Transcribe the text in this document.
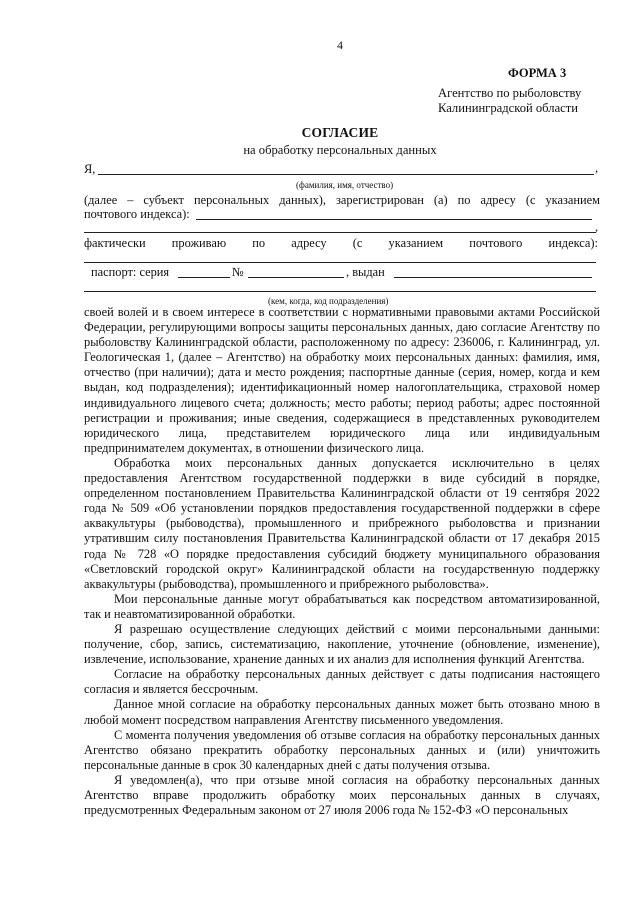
4
ФОРМА 3
Агентство по рыболовству
Калининградской области
СОГЛАСИЕ
на обработку персональных данных
Я,	,
(фамилия, имя, отчество)
(далее – субъект персональных данных), зарегистрирован (а) по адресу (с указанием
почтового индекса):
,
фактически проживаю по адресу (с указанием почтового индекса):
паспорт: серия	№	, выдан
(кем, когда, код подразделения)

своей волей и в своем интересе в соответствии с нормативными правовыми актами Российской Федерации, регулирующими вопросы защиты персональных данных, даю согласие Агентству по рыболовству Калининградской области, расположенному по адресу: 236006, г. Калининград, ул. Геологическая 1, (далее – Агентство) на обработку моих персональных данных: фамилия, имя, отчество (при наличии); дата и место рождения; паспортные данные (серия, номер, когда и кем выдан, код подразделения); идентификационный номер налогоплательщика, страховой номер индивидуального лицевого счета; должность; место работы; период работы; адрес постоянной регистрации и проживания; иные сведения, содержащиеся в представленных руководителем юридического лица, представителем юридического лица или индивидуальным предпринимателем документах, в отношении физического лица.

Обработка моих персональных данных допускается исключительно в целях предоставления Агентством государственной поддержки в виде субсидий в порядке, определенном постановлением Правительства Калининградской области от 19 сентября 2022 года № 509 «Об установлении порядков предоставления государственной поддержки в сфере аквакультуры (рыбоводства), промышленного и прибрежного рыболовства и признании утратившим силу постановления Правительства Калининградской области от 17 декабря 2015 года № 728 «О порядке предоставления субсидий бюджету муниципального образования «Светловский городской округ» Калининградской области на государственную поддержку аквакультуры (рыбоводства), промышленного и прибрежного рыболовства».

Мои персональные данные могут обрабатываться как посредством автоматизированной, так и неавтоматизированной обработки.

Я разрешаю осуществление следующих действий с моими персональными данными: получение, сбор, запись, систематизацию, накопление, уточнение (обновление, изменение), извлечение, использование, хранение данных и их анализ для исполнения функций Агентства.

Согласие на обработку персональных данных действует с даты подписания настоящего согласия и является бессрочным.

Данное мной согласие на обработку персональных данных может быть отозвано мною в любой момент посредством направления Агентству письменного уведомления.

С момента получения уведомления об отзыве согласия на обработку персональных данных Агентство обязано прекратить обработку персональных данных и (или) уничтожить персональные данные в срок 30 календарных дней с даты получения отзыва.

Я уведомлен(а), что при отзыве мной согласия на обработку персональных данных Агентство вправе продолжить обработку моих персональных данных в случаях, предусмотренных Федеральным законом от 27 июля 2006 года № 152-ФЗ «О персональных
